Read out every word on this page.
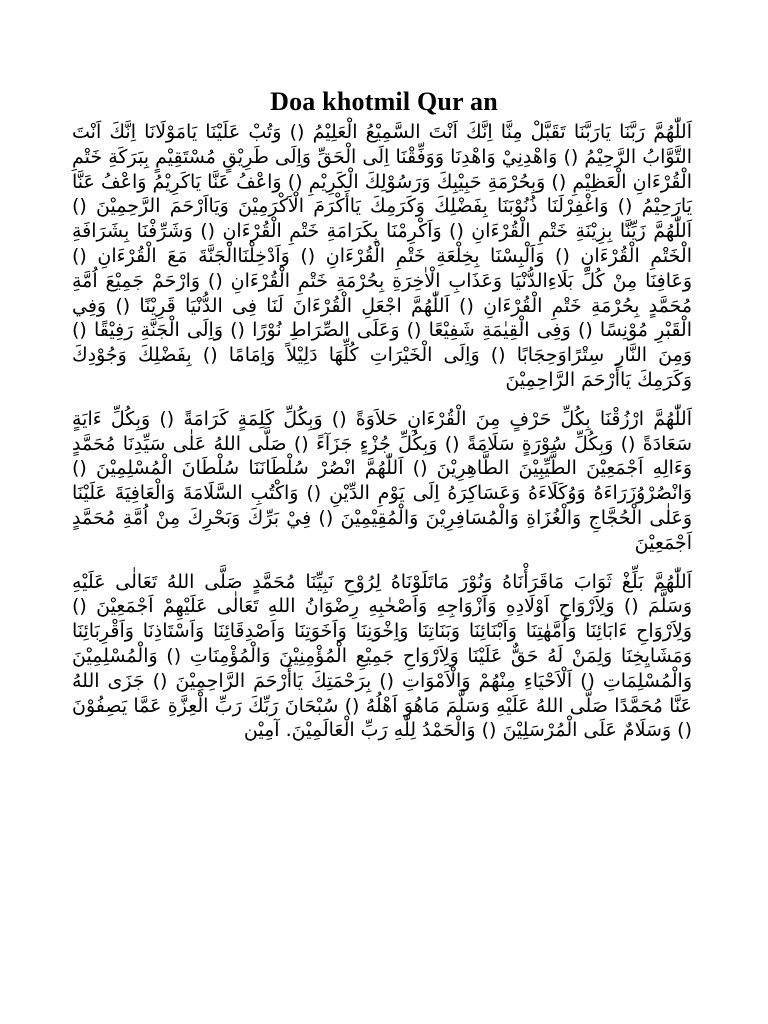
Doa khotmil Qur an

اَللّٰهُمَّ رَبَّنَا يَارَبَّنَا تَقَبَّلْ مِنَّا اِنَّكَ اَنْتَ السَّمِيْعُ الْعَلِيْمُ () وَتُبْ عَلَيْنَا يَامَوْلَانَا اِنَّكَ اَنْتَ التَّوَّابُ الرَّحِيْمُ () وَاهْدِنِيْ وَاهْدِنَا وَوَفِّقْنَا اِلَى الْحَقِّ وَاِلَى طَرِيْقٍ مُسْتَقِيْمٍ بِبَرَكَةِ خَتْمِ الْقُرْءَانِ الْعَظِيْمِ () وَبِحُرْمَةِ حَبِيْبِكَ وَرَسُوْلِكَ الْكَرِيْمِ () وَاعْفُ عَنَّا يَاكَرِيْمُ وَاعْفُ عَنَّا يَارَحِيْمُ () وَاغْفِرْلَنَا ذُنُوْبَنَا بِفَضْلِكَ وَكَرَمِكَ يَاأَكْرَمَ الْاَكْرَمِيْنَ وَيَااَرْحَمَ الرَّحِمِيْنَ () اَللّٰهُمَّ زَيِّنَّا بِزِيْنَةِ خَتْمِ الْقُرْءَانِ () وَاَكْرِمْنَا بِكَرَامَةِ خَتْمِ الْقُرْءَانِ () وَشَرِّفْنَا بِشَرَافَةِ الْخَتْمِ الْقُرْءَانِ () وَاَلْبِسْنَا بِخِلْعَةِ خَتْمِ الْقُرْءَانِ () وَاَدْخِلْنَاالْجَنَّةَ مَعَ الْقُرْءَانِ () وَعَافِنَا مِنْ كُلِّ بَلَاءِالدُّنْيَا وَعَذَابِ الْاٰخِرَةِ بِحُرْمَةِ خَتْمِ الْقُرْءَانِ () وَارْحَمْ جَمِيْعَ اُمَّةِ مُحَمَّدٍ بِحُرْمَةِ خَتْمِ الْقُرْءَانِ () اَللّٰهُمَّ اجْعَلِ الْقُرْءَانَ لَنَا فِى الدُّنْيَا قَرِيْنًا () وَفِي الْقَبْرِ مُوْنِسًا () وَفِى الْقِيٰمَةِ شَفِيْعًا () وَعَلَى الصِّرَاطِ نُوْرًا () وَاِلَى الْجَنَّةِ رَفِيْقًا () وَمِنَ النَّارِ سِتْرًاوَحِجَابًا () وَاِلَى الْخَيْرَاتِ كُلِّهَا دَلِيْلاً وَاِمَامًا () بِفَضْلِكَ وَجُوْدِكَ وَكَرَمِكَ يَاأَرْحَمَ الرَّاحِمِيْنَ

اَللّٰهُمَّ ارْزُقْنَا بِكُلِّ حَرْفٍ مِنَ الْقُرْءَانِ حَلاَوَةً () وَبِكُلِّ كَلِمَةٍ كَرَامَةً () وَبِكُلِّ ءَايَةٍ سَعَادَةً () وَبِكُلِّ سُوْرَةٍ سَلَامَةً () وَبِكُلِّ جُزْءٍ جَزَآءً () صَلَّى اللهُ عَلٰى سَيِّدِنَا مُحَمَّدٍ وَءَالِهِ اَجْمَعِيْنَ الطَّيِّبِيْنَ الطَّاهِرِيْنَ () اَللّٰهُمَّ انْصُرْ سُلْطَانَنَا سُلْطَانَ الْمُسْلِمِيْنَ () وَانْصُرْوُزَرَاءَهُ وَوُكَلَاءَهُ وَعَسَاكِرَهُ اِلَى يَوْمِ الدِّيْنِ () وَاكْتُبِ السَّلَامَةَ وَالْعَافِيَةَ عَلَيْنَا وَعَلٰى الْحُجَّاجِ وَالْغُزَاةِ وَالْمُسَافِرِيْنَ وَالْمُقِيْمِيْنَ () فِيْ بَرِّكَ وَبَحْرِكَ مِنْ اُمَّةِ مُحَمَّدٍ اَجْمَعِيْنَ

اَللّٰهُمَّ بَلِّغْ ثَوَابَ مَاقَرَأْنَاهُ وَنُوْرَ مَاتَلَوْنَاهُ لِرُوْحِ نَبِيِّنَا مُحَمَّدٍ صَلَّى اللهُ تَعَالٰى عَلَيْهِ وَسَلَّمَ () وَلِاَرْوَاحِ اَوْلَادِهِ وَاَزْوَاجِهِ وَاَصْحٰبِهِ رِضْوَانُ اللهِ تَعَالٰى عَلَيْهِمْ اَجْمَعِيْنَ () وَلِاَرْوَاحِ ءَابَائِنَا وَاُمَّهٰتِنَا وَاَبْنَائِنَا وَبَنَاتِنَا وَاِخْوَنِنَا وَاَخَوَتِنَا وَاَصْدِقَائِنَا وَاَسْتَاذِنَا وَاَقْرِبَائِنَا وَمَشَايِخِنَا وَلِمَنْ لَهُ حَقٌّ عَلَيْنَا وَلِاَرْوَاحِ جَمِيْعِ الْمُؤْمِنِيْنَ وَالْمُؤْمِنَاتِ () وَالْمُسْلِمِيْنَ وَالْمُسْلِمَاتِ () اَلْاَحْيَاءِ مِنْهُمْ وَالْاَمْوَاتِ () بِرَحْمَتِكَ يَاأَرْحَمَ الرَّاحِمِيْنَ () جَزَى اللهُ عَنَّا مُحَمَّدًا صَلَّى اللهُ عَلَيْهِ وَسَلَّمَ مَاهُوَ اَهْلُهُ () سُبْحَانَ رَبِّكَ رَبِّ الْعِزَّةِ عَمَّا يَصِفُوْنَ () وَسَلَامٌ عَلَى الْمُرْسَلِيْنَ () وَالْحَمْدُ لِلّٰهِ رَبِّ الْعَالَمِيْنَ. آمِيْن
